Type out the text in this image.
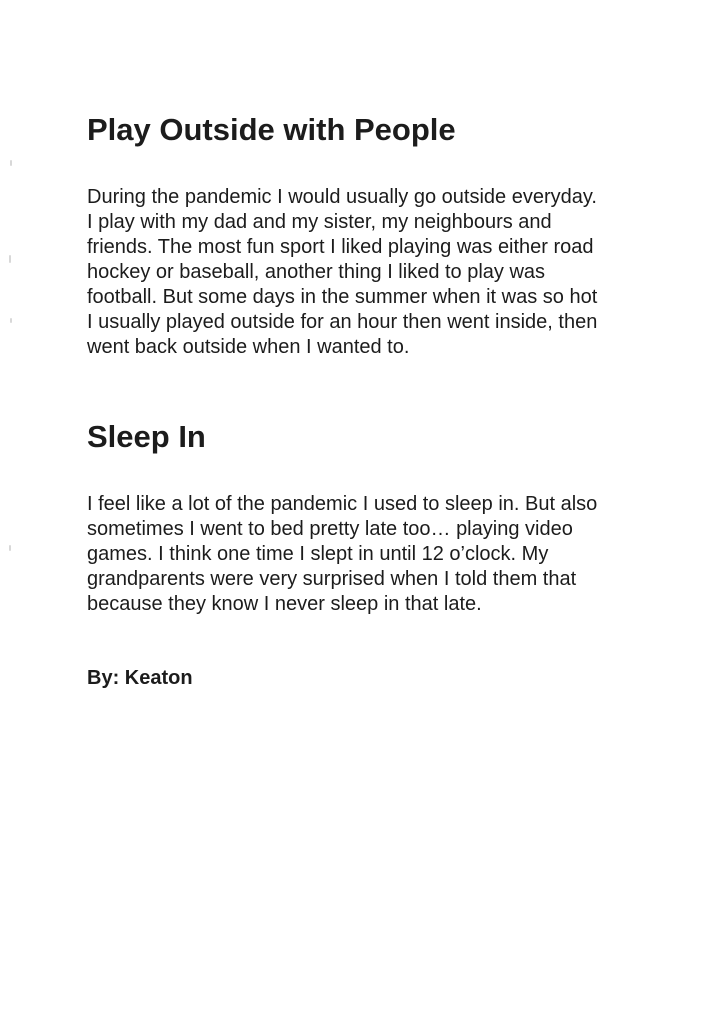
Play Outside with People

During the pandemic I would usually go outside everyday.
I play with my dad and my sister, my neighbours and
friends. The most fun sport I liked playing was either road
hockey or baseball, another thing I liked to play was
football. But some days in the summer when it was so hot
I usually played outside for an hour then went inside, then
went back outside when I wanted to.

Sleep In

I feel like a lot of the pandemic I used to sleep in. But also
sometimes I went to bed pretty late too… playing video
games. I think one time I slept in until 12 o’clock. My
grandparents were very surprised when I told them that
because they know I never sleep in that late.

By: Keaton
